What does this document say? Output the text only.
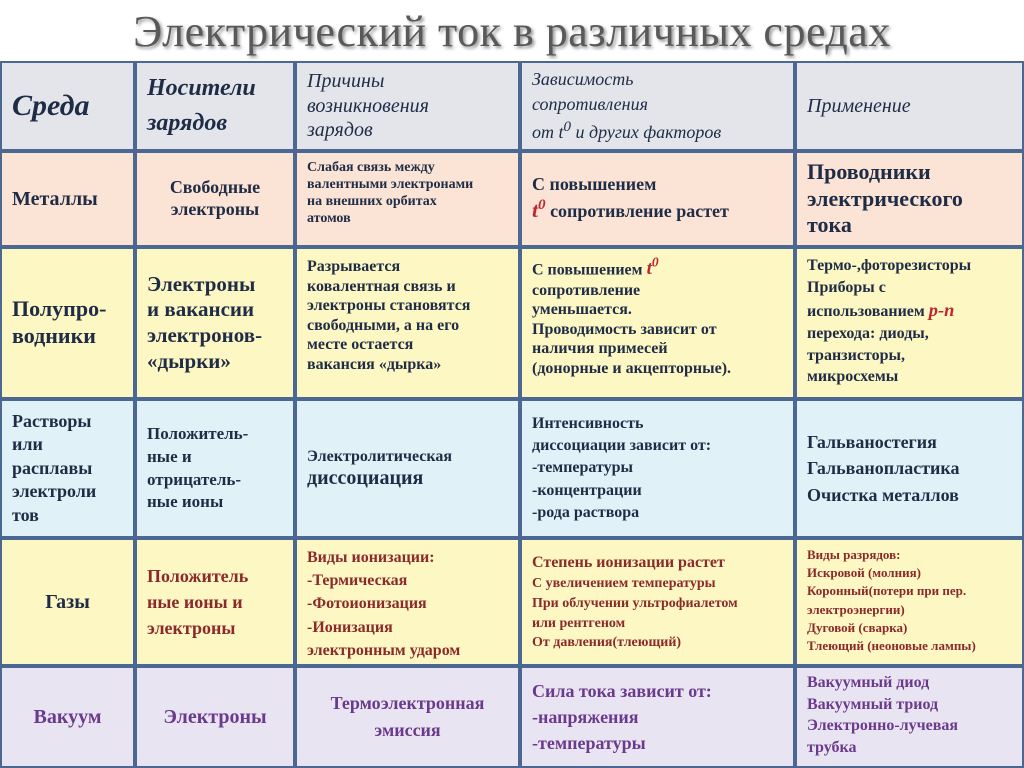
Электрический ток в различных средах
Среда
Носители
зарядов
Причины
возникновения
зарядов
Зависимость
сопротивления
от $t^0$ и других факторов
Применение
Металлы
Свободные
электроны
Слабая связь между
валентными электронами
на внешних орбитах
атомов
С повышением
$t^0$ сопротивление растет
Проводники
электрического
тока
Полупро-
водники
Электроны
и вакансии
электронов-
«дырки»
Разрывается
ковалентная связь и
электроны становятся
свободными, а на его
месте остается
вакансия «дырка»
С повышением $t^0$
сопротивление
уменьшается.
Проводимость зависит от
наличия примесей
(донорные и акцепторные).
Термо-,фоторезисторы
Приборы с
использованием p-n
перехода: диоды,
транзисторы,
микросхемы
Растворы
или
расплавы
электроли
тов
Положитель-
ные и
отрицатель-
ные ионы
Электролитическая
диссоциация
Интенсивность
диссоциации зависит от:
-температуры
-концентрации
-рода раствора
Гальваностегия
Гальванопластика
Очистка металлов
Газы
Положитель
ные ионы и
электроны
Виды ионизации:
-Термическая
-Фотоионизация
-Ионизация
электронным ударом
Степень ионизации растет
С увеличением температуры
При облучении ультрофиалетом
или рентгеном
От давления(тлеющий)
Виды разрядов:
Искровой (молния)
Коронный(потери при пер.
электроэнергии)
Дуговой (сварка)
Тлеющий (неоновые лампы)
Вакуум	Электроны
Термоэлектронная
эмиссия
Сила тока зависит от:
-напряжения
-температуры
Вакуумный диод
Вакуумный триод
Электронно-лучевая
трубка
